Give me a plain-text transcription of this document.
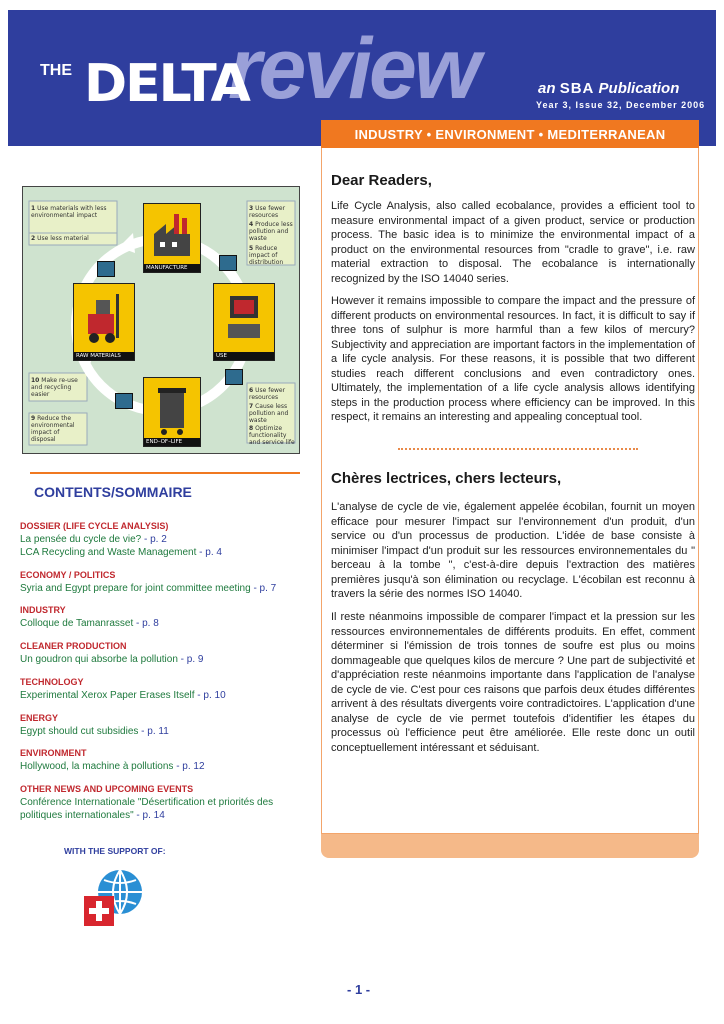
review
THE DELTA	an SBA Publication
Year 3, Issue 32, December 2006
INDUSTRY • ENVIRONMENT • MEDITERRANEAN
Dear Readers,

Life Cycle Analysis, also called ecobalance, provides a efficient tool to measure environmental impact of a given product, service or production process. The basic idea is to minimize the environmental impact of a product on the environmental resources from "cradle to grave", i.e. raw material extraction to disposal. The ecobalance is internationally recognized by the ISO 14040 series.

However it remains impossible to compare the impact and the pressure of different products on environmental resources. In fact, it is difficult to say if three tons of sulphur is more harmful than a few kilos of mercury? Subjectivity and appreciation are important factors in the implementation of a life cycle analysis. For these reasons, it is possible that two different studies reach different conclusions and even contradictory ones. Ultimately, the implementation of a life cycle analysis allows identifying steps in the production process where efficiency can be improved. In this respect, it remains an interesting and appealing conceptual tool.

Chères lectrices, chers lecteurs,

L'analyse de cycle de vie, également appelée écobilan, fournit un moyen efficace pour mesurer l'impact sur l'environnement d'un produit, d'un service ou d'un processus de production. L'idée de base consiste à minimiser l'impact d'un produit sur les ressources environnementales du " berceau à la tombe ", c'est-à-dire depuis l'extraction des matières premières jusqu'à son élimination ou recyclage. L'écobilan est reconnu à travers la série des normes ISO 14040.

Il reste néanmoins impossible de comparer l'impact et la pression sur les ressources environnementales de différents produits. En effet, comment déterminer si l'émission de trois tonnes de soufre est plus ou moins dommageable que quelques kilos de mercure ? Une part de subjectivité et d'appréciation reste néanmoins importante dans l'application de l'analyse de cycle de vie. C'est pour ces raisons que parfois deux études différentes arrivent à des résultats divergents voire contradictoires. L'application d'une analyse de cycle de vie permet toutefois d'identifier les étapes du processus où l'efficience peut être améliorée. Elle reste donc un outil conceptuellement intéressant et séduisant.

1 Use materials with less environmental impact
2 Use less material
3 Use fewer resources
4 Produce less pollution and waste
5 Reduce impact of distribution
6 Use fewer resources
7 Cause less pollution and waste
8 Optimize functionality and service life
9 Reduce the environmental impact of disposal
10 Make re-use and recycling easier
MANUFACTURE
RAW MATERIALS	USE
END–OF–LIFE
CONTENTS/SOMMAIRE
DOSSIER (LIFE CYCLE ANALYSIS)
La pensée du cycle de vie? - p. 2
LCA Recycling and Waste Management - p. 4
ECONOMY / POLITICS
Syria and Egypt prepare for joint committee meeting - p. 7
INDUSTRY
Colloque de Tamanrasset - p. 8
CLEANER PRODUCTION
Un goudron qui absorbe la pollution - p. 9
TECHNOLOGY
Experimental Xerox Paper Erases Itself - p. 10
ENERGY
Egypt should cut subsidies - p. 11
ENVIRONMENT
Hollywood, la machine à pollutions - p. 12
OTHER NEWS AND UPCOMING EVENTS
Conférence Internationale "Désertification et priorités des politiques internationales" - p. 14
WITH THE SUPPORT OF:
- 1 -
